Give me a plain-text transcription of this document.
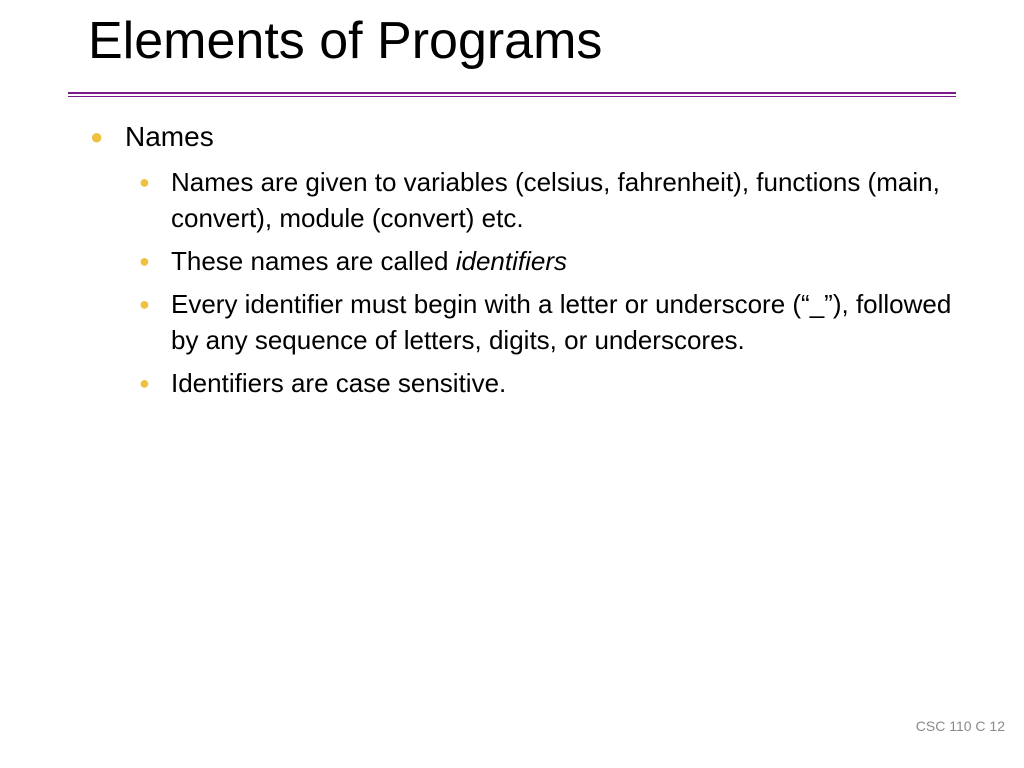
Elements of Programs
● Names
● Names are given to variables (celsius, fahrenheit), functions (main, convert), module (convert) etc.
● These names are called identifiers
● Every identifier must begin with a letter or underscore (“_”), followed by any sequence of letters, digits, or underscores.
● Identifiers are case sensitive.
CSC 110 C 12
